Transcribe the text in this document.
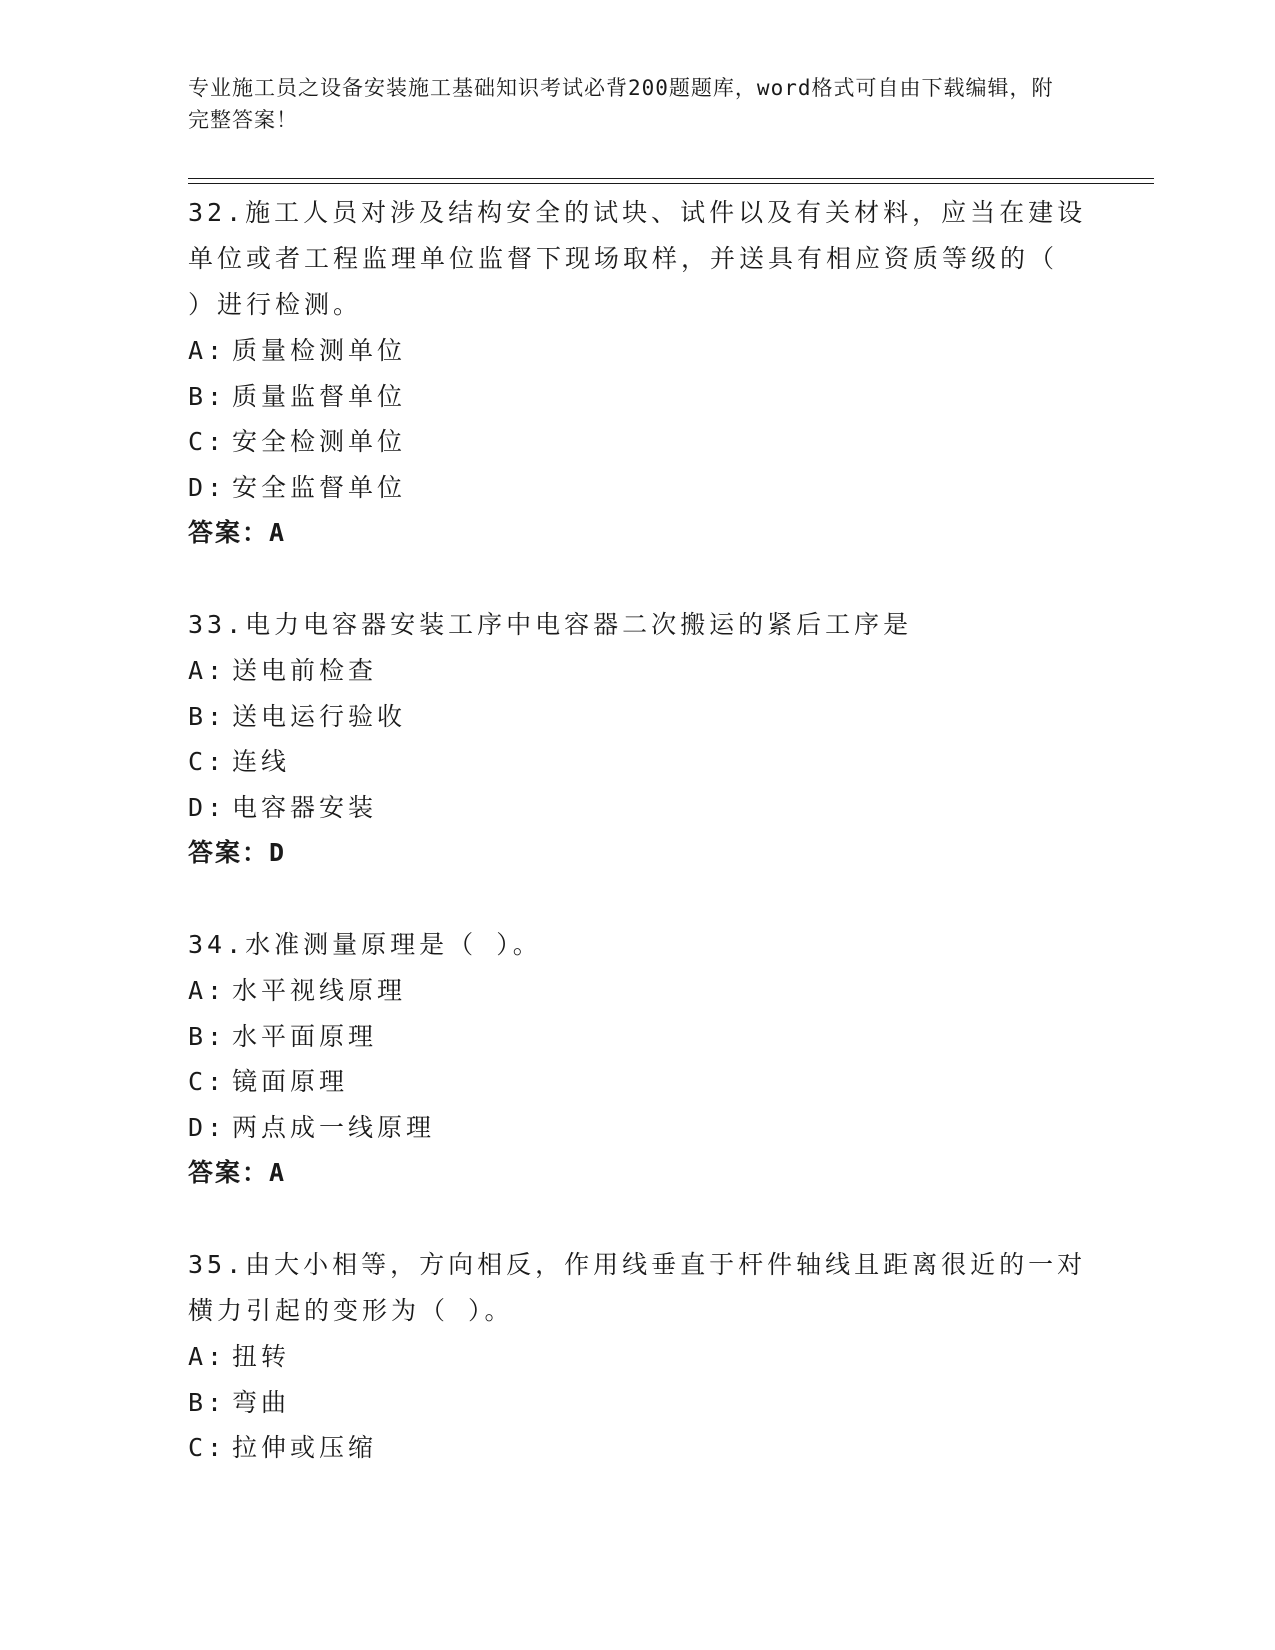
专业施工员之设备安装施工基础知识考试必背200题题库，word格式可自由下载编辑，附完整答案！

32.施工人员对涉及结构安全的试块、试件以及有关材料，应当在建设单位或者工程监理单位监督下现场取样，并送具有相应资质等级的（ ）进行检测。

A: 质量检测单位

B: 质量监督单位

C: 安全检测单位

D: 安全监督单位

答案：A

33.电力电容器安装工序中电容器二次搬运的紧后工序是

A: 送电前检查

B: 送电运行验收

C: 连线

D: 电容器安装

答案：D

34.水准测量原理是（ ）。

A: 水平视线原理

B: 水平面原理

C: 镜面原理

D: 两点成一线原理

答案：A

35.由大小相等，方向相反，作用线垂直于杆件轴线且距离很近的一对横力引起的变形为（ ）。

A: 扭转

B: 弯曲

C: 拉伸或压缩
